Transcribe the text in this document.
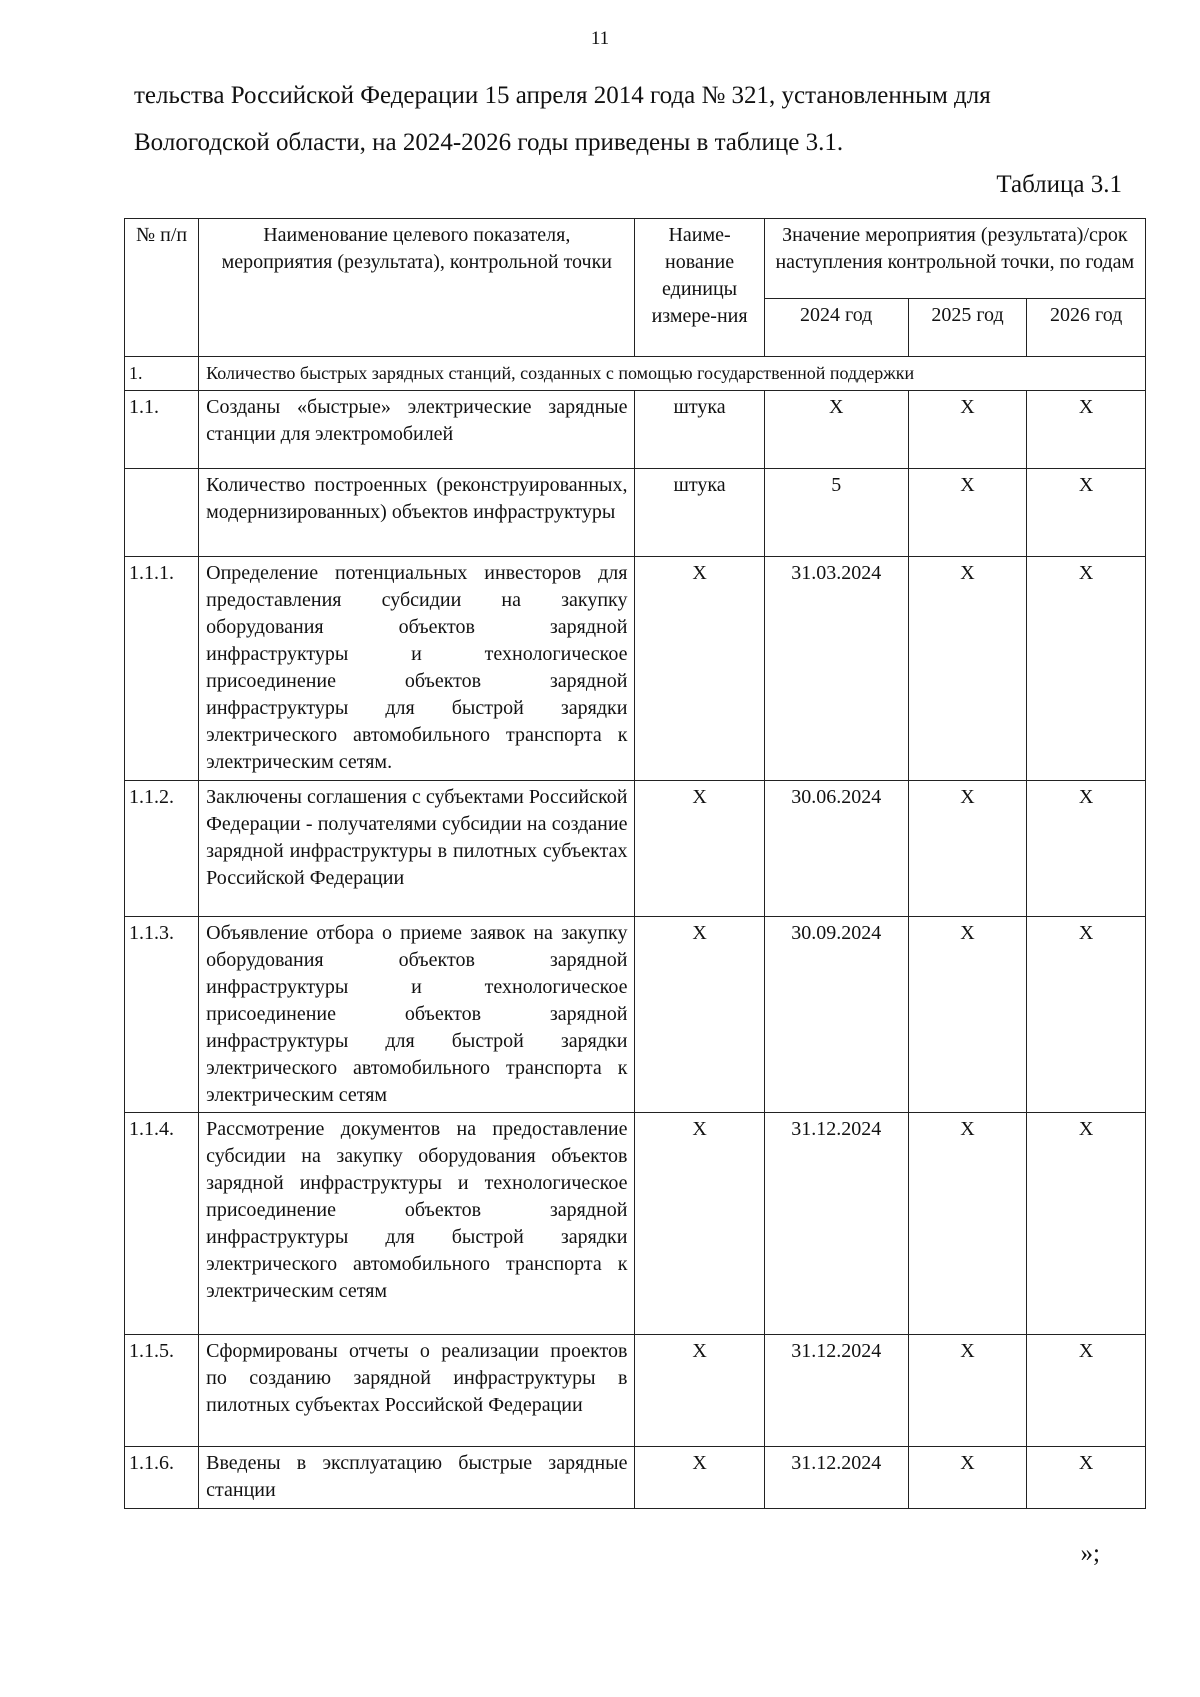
11
тельства Российской Федерации 15 апреля 2014 года № 321, установленным для
Вологодской области, на 2024-2026 годы приведены в таблице 3.1.
Таблица 3.1
№ п/п	Наименование целевого показателя, мероприятия (результата), контрольной точки	Наиме-нование единицы измере-ния	Значение мероприятия (результата)/срок наступления контрольной точки, по годам		
			2024 год	2025 год	2026 год
1.	Количество быстрых зарядных станций, созданных с помощью государственной поддержки				
1.1.	Созданы «быстрые» электрические зарядные станции для электромобилей	штука	X	X	X
	Количество построенных (реконструированных, модернизированных) объектов инфраструктуры	штука	5	X	X
1.1.1.	Определение потенциальных инвесторов для предоставления субсидии на закупку оборудования объектов зарядной инфраструктуры и технологическое присоединение объектов зарядной инфраструктуры для быстрой зарядки электрического автомобильного транспорта к электрическим сетям.	X	31.03.2024	X	X
1.1.2.	Заключены соглашения с субъектами Российской Федерации - получателями субсидии на создание зарядной инфраструктуры в пилотных субъектах Российской Федерации	X	30.06.2024	X	X
1.1.3.	Объявление отбора о приеме заявок на закупку оборудования объектов зарядной инфраструктуры и технологическое присоединение объектов зарядной инфраструктуры для быстрой зарядки электрического автомобильного транспорта к электрическим сетям	X	30.09.2024	X	X
1.1.4.	Рассмотрение документов на предоставление субсидии на закупку оборудования объектов зарядной инфраструктуры и технологическое присоединение объектов зарядной инфраструктуры для быстрой зарядки электрического автомобильного транспорта к электрическим сетям	X	31.12.2024	X	X
1.1.5.	Сформированы отчеты о реализации проектов по созданию зарядной инфраструктуры в пилотных субъектах Российской Федерации	X	31.12.2024	X	X
1.1.6.	Введены в эксплуатацию быстрые зарядные станции	X	31.12.2024	X	X
»;
